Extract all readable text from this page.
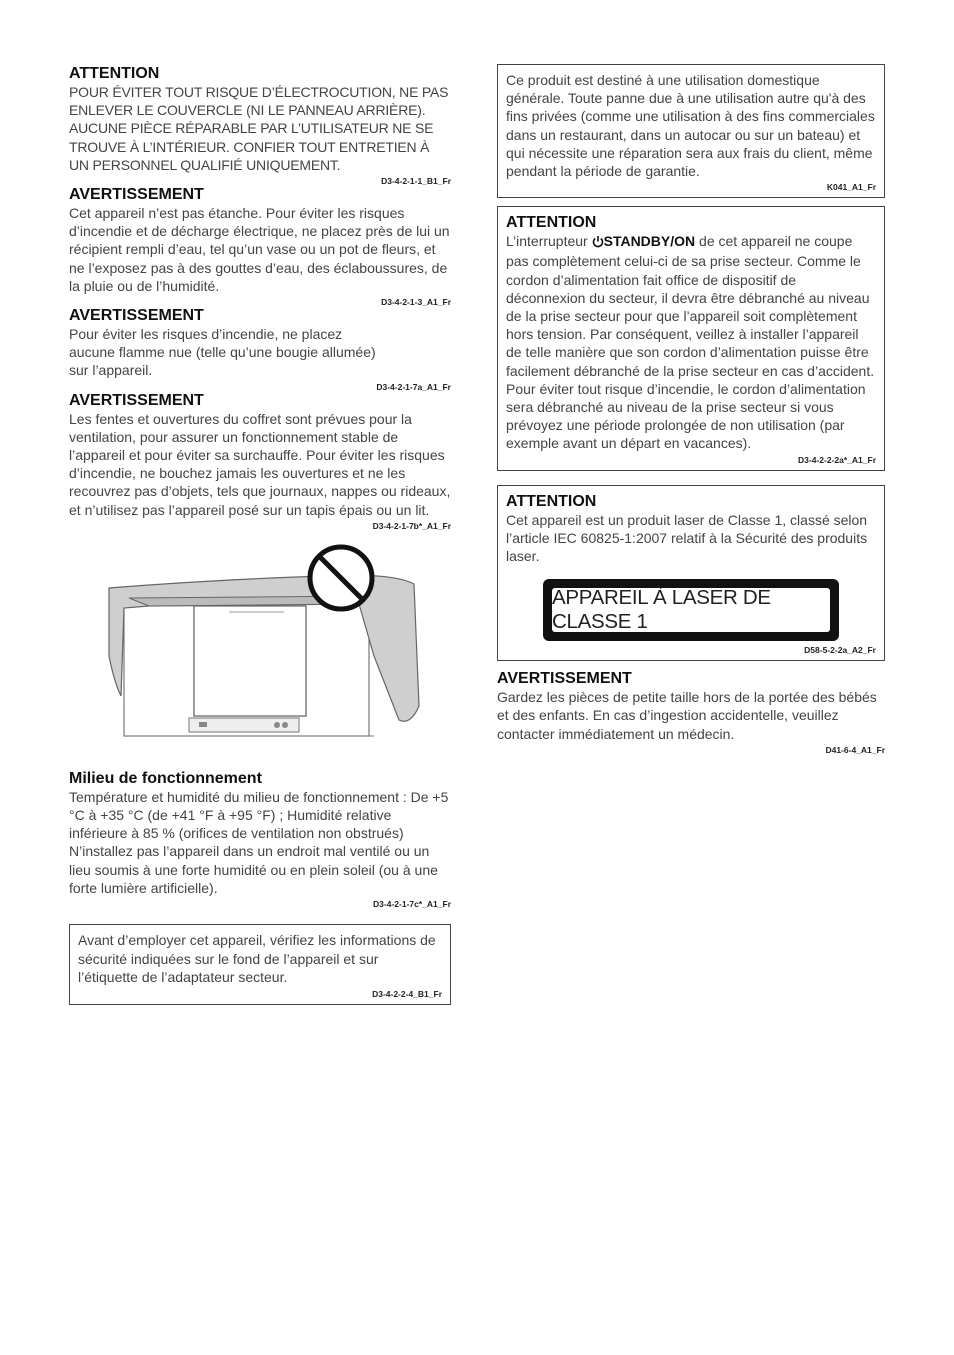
ATTENTION

POUR ÉVITER TOUT RISQUE D’ÉLECTROCUTION, NE PAS ENLEVER LE COUVERCLE (NI LE PANNEAU ARRIÈRE). AUCUNE PIÈCE RÉPARABLE PAR L’UTILISATEUR NE SE TROUVE À L’INTÉRIEUR. CONFIER TOUT ENTRETIEN À UN PERSONNEL QUALIFIÉ UNIQUEMENT.

D3-4-2-1-1_B1_Fr
AVERTISSEMENT

Cet appareil n’est pas étanche. Pour éviter les risques d’incendie et de décharge électrique, ne placez près de lui un récipient rempli d’eau, tel qu’un vase ou un pot de fleurs, et ne l’exposez pas à des gouttes d’eau, des éclaboussures, de la pluie ou de l’humidité.

D3-4-2-1-3_A1_Fr
AVERTISSEMENT

Pour éviter les risques d’incendie, ne placez aucune flamme nue (telle qu’une bougie allumée) sur l’appareil.

D3-4-2-1-7a_A1_Fr
AVERTISSEMENT

Les fentes et ouvertures du coffret sont prévues pour la ventilation, pour assurer un fonctionnement stable de l’appareil et pour éviter sa surchauffe. Pour éviter les risques d’incendie, ne bouchez jamais les ouvertures et ne les recouvrez pas d’objets, tels que journaux, nappes ou rideaux, et n’utilisez pas l’appareil posé sur un tapis épais ou un lit.

D3-4-2-1-7b*_A1_Fr
Milieu de fonctionnement

Température et humidité du milieu de fonctionnement : De +5 °C à +35 °C (de +41 °F à +95 °F) ; Humidité relative inférieure à 85 % (orifices de ventilation non obstrués)

N’installez pas l’appareil dans un endroit mal ventilé ou un lieu soumis à une forte humidité ou en plein soleil (ou à une forte lumière artificielle).

D3-4-2-1-7c*_A1_Fr

Avant d’employer cet appareil, vérifiez les informations de sécurité indiquées sur le fond de l’appareil et sur l’étiquette de l’adaptateur secteur.

D3-4-2-2-4_B1_Fr

Ce produit est destiné à une utilisation domestique générale. Toute panne due à une utilisation autre qu'à des fins privées (comme une utilisation à des fins commerciales dans un restaurant, dans un autocar ou sur un bateau) et qui nécessite une réparation sera aux frais du client, même pendant la période de garantie.

K041_A1_Fr
ATTENTION

L’interrupteur STANDBY/ON de cet appareil ne coupe pas complètement celui-ci de sa prise secteur. Comme le cordon d’alimentation fait office de dispositif de déconnexion du secteur, il devra être débranché au niveau de la prise secteur pour que l’appareil soit complètement hors tension. Par conséquent, veillez à installer l’appareil de telle manière que son cordon d’alimentation puisse être facilement débranché de la prise secteur en cas d’accident. Pour éviter tout risque d’incendie, le cordon d’alimentation sera débranché au niveau de la prise secteur si vous prévoyez une période prolongée de non utilisation (par exemple avant un départ en vacances).

D3-4-2-2-2a*_A1_Fr
ATTENTION

Cet appareil est un produit laser de Classe 1, classé selon l’article IEC 60825-1:2007 relatif à la Sécurité des produits laser.

APPAREIL À LASER DE CLASSE 1
D58-5-2-2a_A2_Fr
AVERTISSEMENT

Gardez les pièces de petite taille hors de la portée des bébés et des enfants. En cas d’ingestion accidentelle, veuillez contacter immédiatement un médecin.

D41-6-4_A1_Fr
